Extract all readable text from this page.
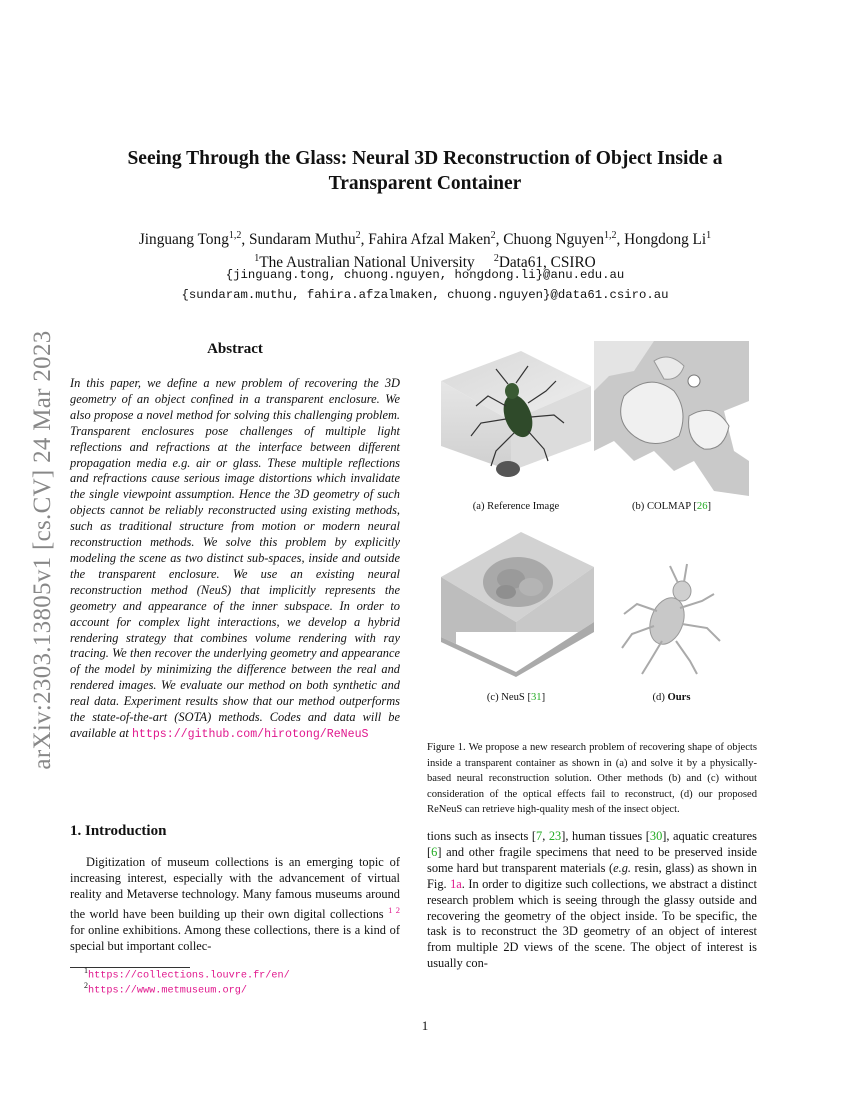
arXiv:2303.13805v1 [cs.CV] 24 Mar 2023
Seeing Through the Glass: Neural 3D Reconstruction of Object Inside a
Transparent Container
Jinguang Tong$^{1,2}$, Sundaram Muthu$^2$, Fahira Afzal Maken$^2$, Chuong Nguyen$^{1,2}$, Hongdong Li$^1$
$^1$The Australian National University $^2$Data61, CSIRO
{jinguang.tong, chuong.nguyen, hongdong.li}@anu.edu.au
{sundaram.muthu, fahira.afzalmaken, chuong.nguyen}@data61.csiro.au
Abstract
In this paper, we define a new problem of recovering the 3D geometry of an object confined in a transparent enclosure. We also propose a novel method for solving this challenging problem. Transparent enclosures pose challenges of multiple light reflections and refractions at the interface between different propagation media e.g. air or glass. These multiple reflections and refractions cause serious image distortions which invalidate the single viewpoint assumption. Hence the 3D geometry of such objects cannot be reliably reconstructed using existing methods, such as traditional structure from motion or modern neural reconstruction methods. We solve this problem by explicitly modeling the scene as two distinct sub-spaces, inside and outside the transparent enclosure. We use an existing neural reconstruction method (NeuS) that implicitly represents the geometry and appearance of the inner subspace. In order to account for complex light interactions, we develop a hybrid rendering strategy that combines volume rendering with ray tracing. We then recover the underlying geometry and appearance of the model by minimizing the difference between the real and rendered images. We evaluate our method on both synthetic and real data. Experiment results show that our method outperforms the state-of-the-art (SOTA) methods. Codes and data will be available at https://github.com/hirotong/ReNeuS
1. Introduction
Digitization of museum collections is an emerging topic of increasing interest, especially with the advancement of virtual reality and Metaverse technology. Many famous museums around the world have been building up their own digital collections $^{1 2}$ for online exhibitions. Among these collections, there is a kind of special but important collec-
$^1$https://collections.louvre.fr/en/
$^2$https://www.metmuseum.org/
(a) Reference Image	(b) COLMAP [26]
(c) NeuS [31]	(d) Ours
Figure 1. We propose a new research problem of recovering shape of objects inside a transparent container as shown in (a) and solve it by a physically-based neural reconstruction solution. Other methods (b) and (c) without consideration of the optical effects fail to reconstruct, (d) our proposed ReNeuS can retrieve high-quality mesh of the insect object.
tions such as insects [7, 23], human tissues [30], aquatic creatures [6] and other fragile specimens that need to be preserved inside some hard but transparent materials (e.g. resin, glass) as shown in Fig. 1a. In order to digitize such collections, we abstract a distinct research problem which is seeing through the glassy outside and recovering the geometry of the object inside. To be specific, the task is to reconstruct the 3D geometry of an object of interest from multiple 2D views of the scene. The object of interest is usually con-
1
